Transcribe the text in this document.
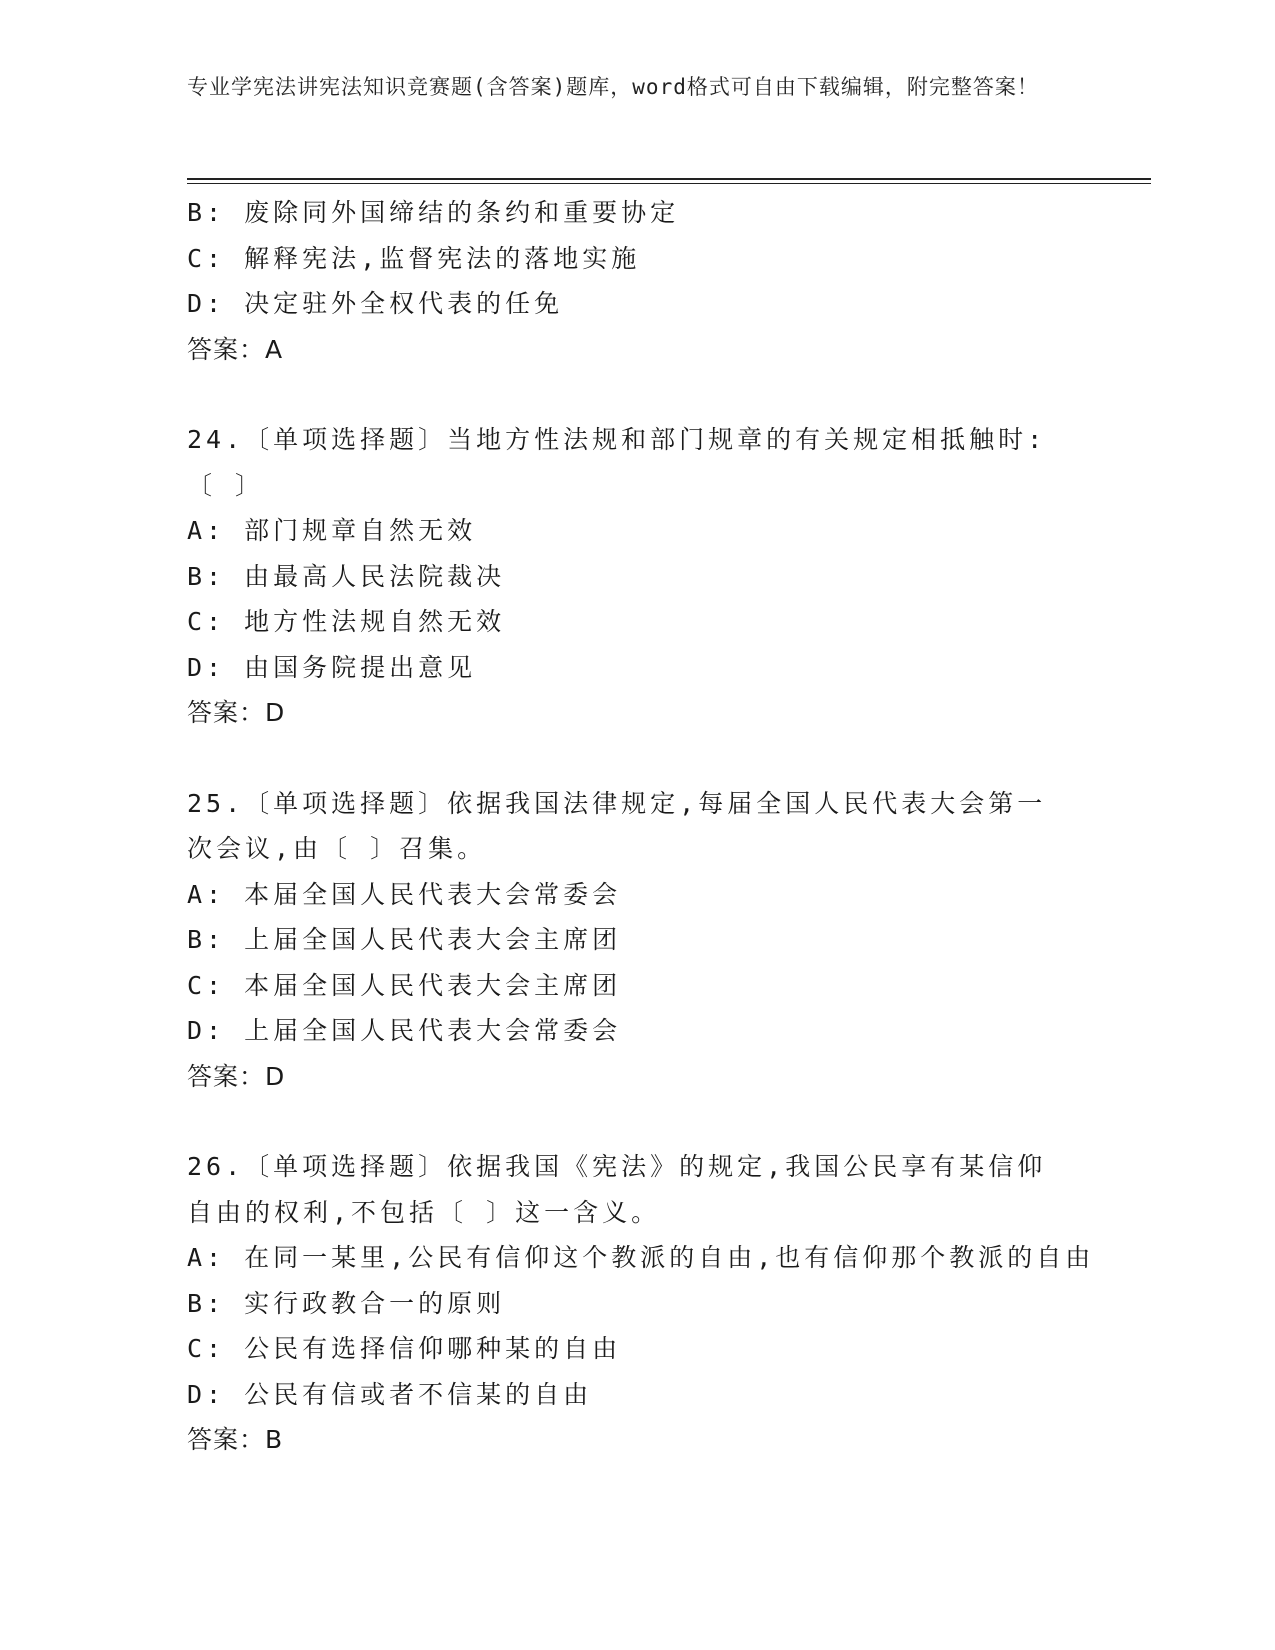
专业学宪法讲宪法知识竞赛题(含答案)题库，word格式可自由下载编辑，附完整答案！
B: 废除同外国缔结的条约和重要协定
C: 解释宪法,监督宪法的落地实施
D: 决定驻外全权代表的任免
答案：A
24.〔单项选择题〕当地方性法规和部门规章的有关规定相抵触时:〔 〕
A: 部门规章自然无效
B: 由最高人民法院裁决
C: 地方性法规自然无效
D: 由国务院提出意见
答案：D
25.〔单项选择题〕依据我国法律规定,每届全国人民代表大会第一次会议,由〔 〕召集。
A: 本届全国人民代表大会常委会
B: 上届全国人民代表大会主席团
C: 本届全国人民代表大会主席团
D: 上届全国人民代表大会常委会
答案：D
26.〔单项选择题〕依据我国《宪法》的规定,我国公民享有某信仰自由的权利,不包括〔 〕这一含义。
A: 在同一某里,公民有信仰这个教派的自由,也有信仰那个教派的自由
B: 实行政教合一的原则
C: 公民有选择信仰哪种某的自由
D: 公民有信或者不信某的自由
答案：B
